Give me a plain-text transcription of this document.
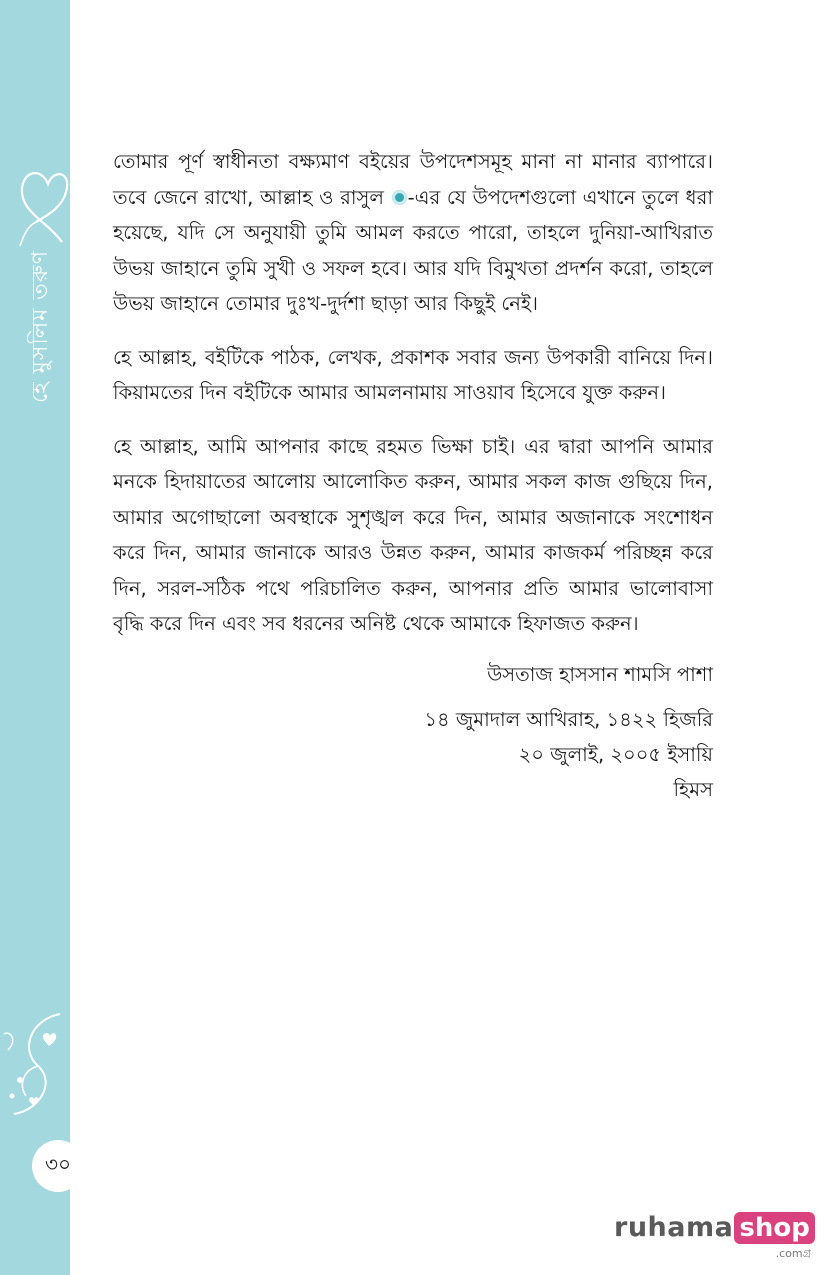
হে মুসলিম তরুণ
৩০

তোমার পূর্ণ স্বাধীনতা বক্ষ্যমাণ বইয়ের উপদেশসমূহ মানা না মানার ব্যাপারে। তবে জেনে রাখো, আল্লাহ ও রাসুল -এর যে উপদেশগুলো এখানে তুলে ধরা হয়েছে, যদি সে অনুযায়ী তুমি আমল করতে পারো, তাহলে দুনিয়া-আখিরাত উভয় জাহানে তুমি সুখী ও সফল হবে। আর যদি বিমুখতা প্রদর্শন করো, তাহলে উভয় জাহানে তোমার দুঃখ-দুর্দশা ছাড়া আর কিছুই নেই।

হে আল্লাহ, বইটিকে পাঠক, লেখক, প্রকাশক সবার জন্য উপকারী বানিয়ে দিন। কিয়ামতের দিন বইটিকে আমার আমলনামায় সাওয়াব হিসেবে যুক্ত করুন।

হে আল্লাহ, আমি আপনার কাছে রহমত ভিক্ষা চাই। এর দ্বারা আপনি আমার মনকে হিদায়াতের আলোয় আলোকিত করুন, আমার সকল কাজ গুছিয়ে দিন, আমার অগোছালো অবস্থাকে সুশৃঙ্খল করে দিন, আমার অজানাকে সংশোধন করে দিন, আমার জানাকে আরও উন্নত করুন, আমার কাজকর্ম পরিচ্ছন্ন করে দিন, সরল-সঠিক পথে পরিচালিত করুন, আপনার প্রতি আমার ভালোবাসা বৃদ্ধি করে দিন এবং সব ধরনের অনিষ্ট থেকে আমাকে হিফাজত করুন।

উসতাজ হাসসান শামসি পাশা
১৪ জুমাদাল আখিরাহ, ১৪২২ হিজরি
২০ জুলাই, ২০০৫ ইসায়ি
হিমস
ruhama shop
.comগ্র
